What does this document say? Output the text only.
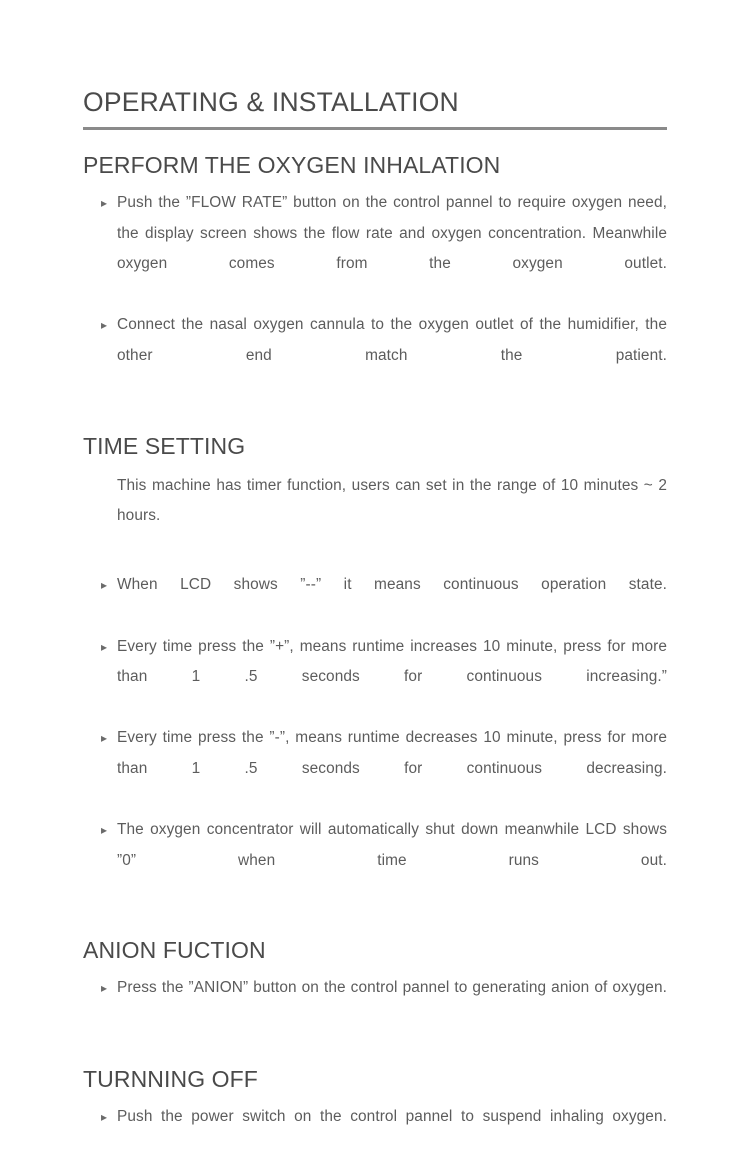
OPERATING & INSTALLATION
PERFORM THE OXYGEN INHALATION
▸ Push the ”FLOW RATE” button on the control pannel to require oxygen need, the display screen shows the flow rate and oxygen concentration. Meanwhile oxygen comes from the oxygen outlet.
▸ Connect the nasal oxygen cannula to the oxygen outlet of the humidifier, the other end match the patient.
TIME SETTING

This machine has timer function, users can set in the range of 10 minutes ~ 2 hours.

▸ When LCD shows ”--” it means continuous operation state.
▸ Every time press the ”+”, means runtime increases 10 minute, press for more than 1 .5 seconds for continuous increasing.”
▸ Every time press the ”-”, means runtime decreases 10 minute, press for more than 1 .5 seconds for continuous decreasing.
▸ The oxygen concentrator will automatically shut down meanwhile LCD shows ”0” when time runs out.
ANION FUCTION
▸ Press the ”ANION” button on the control pannel to generating anion of oxygen.
TURNNING OFF
▸ Push the power switch on the control pannel to suspend inhaling oxygen.
